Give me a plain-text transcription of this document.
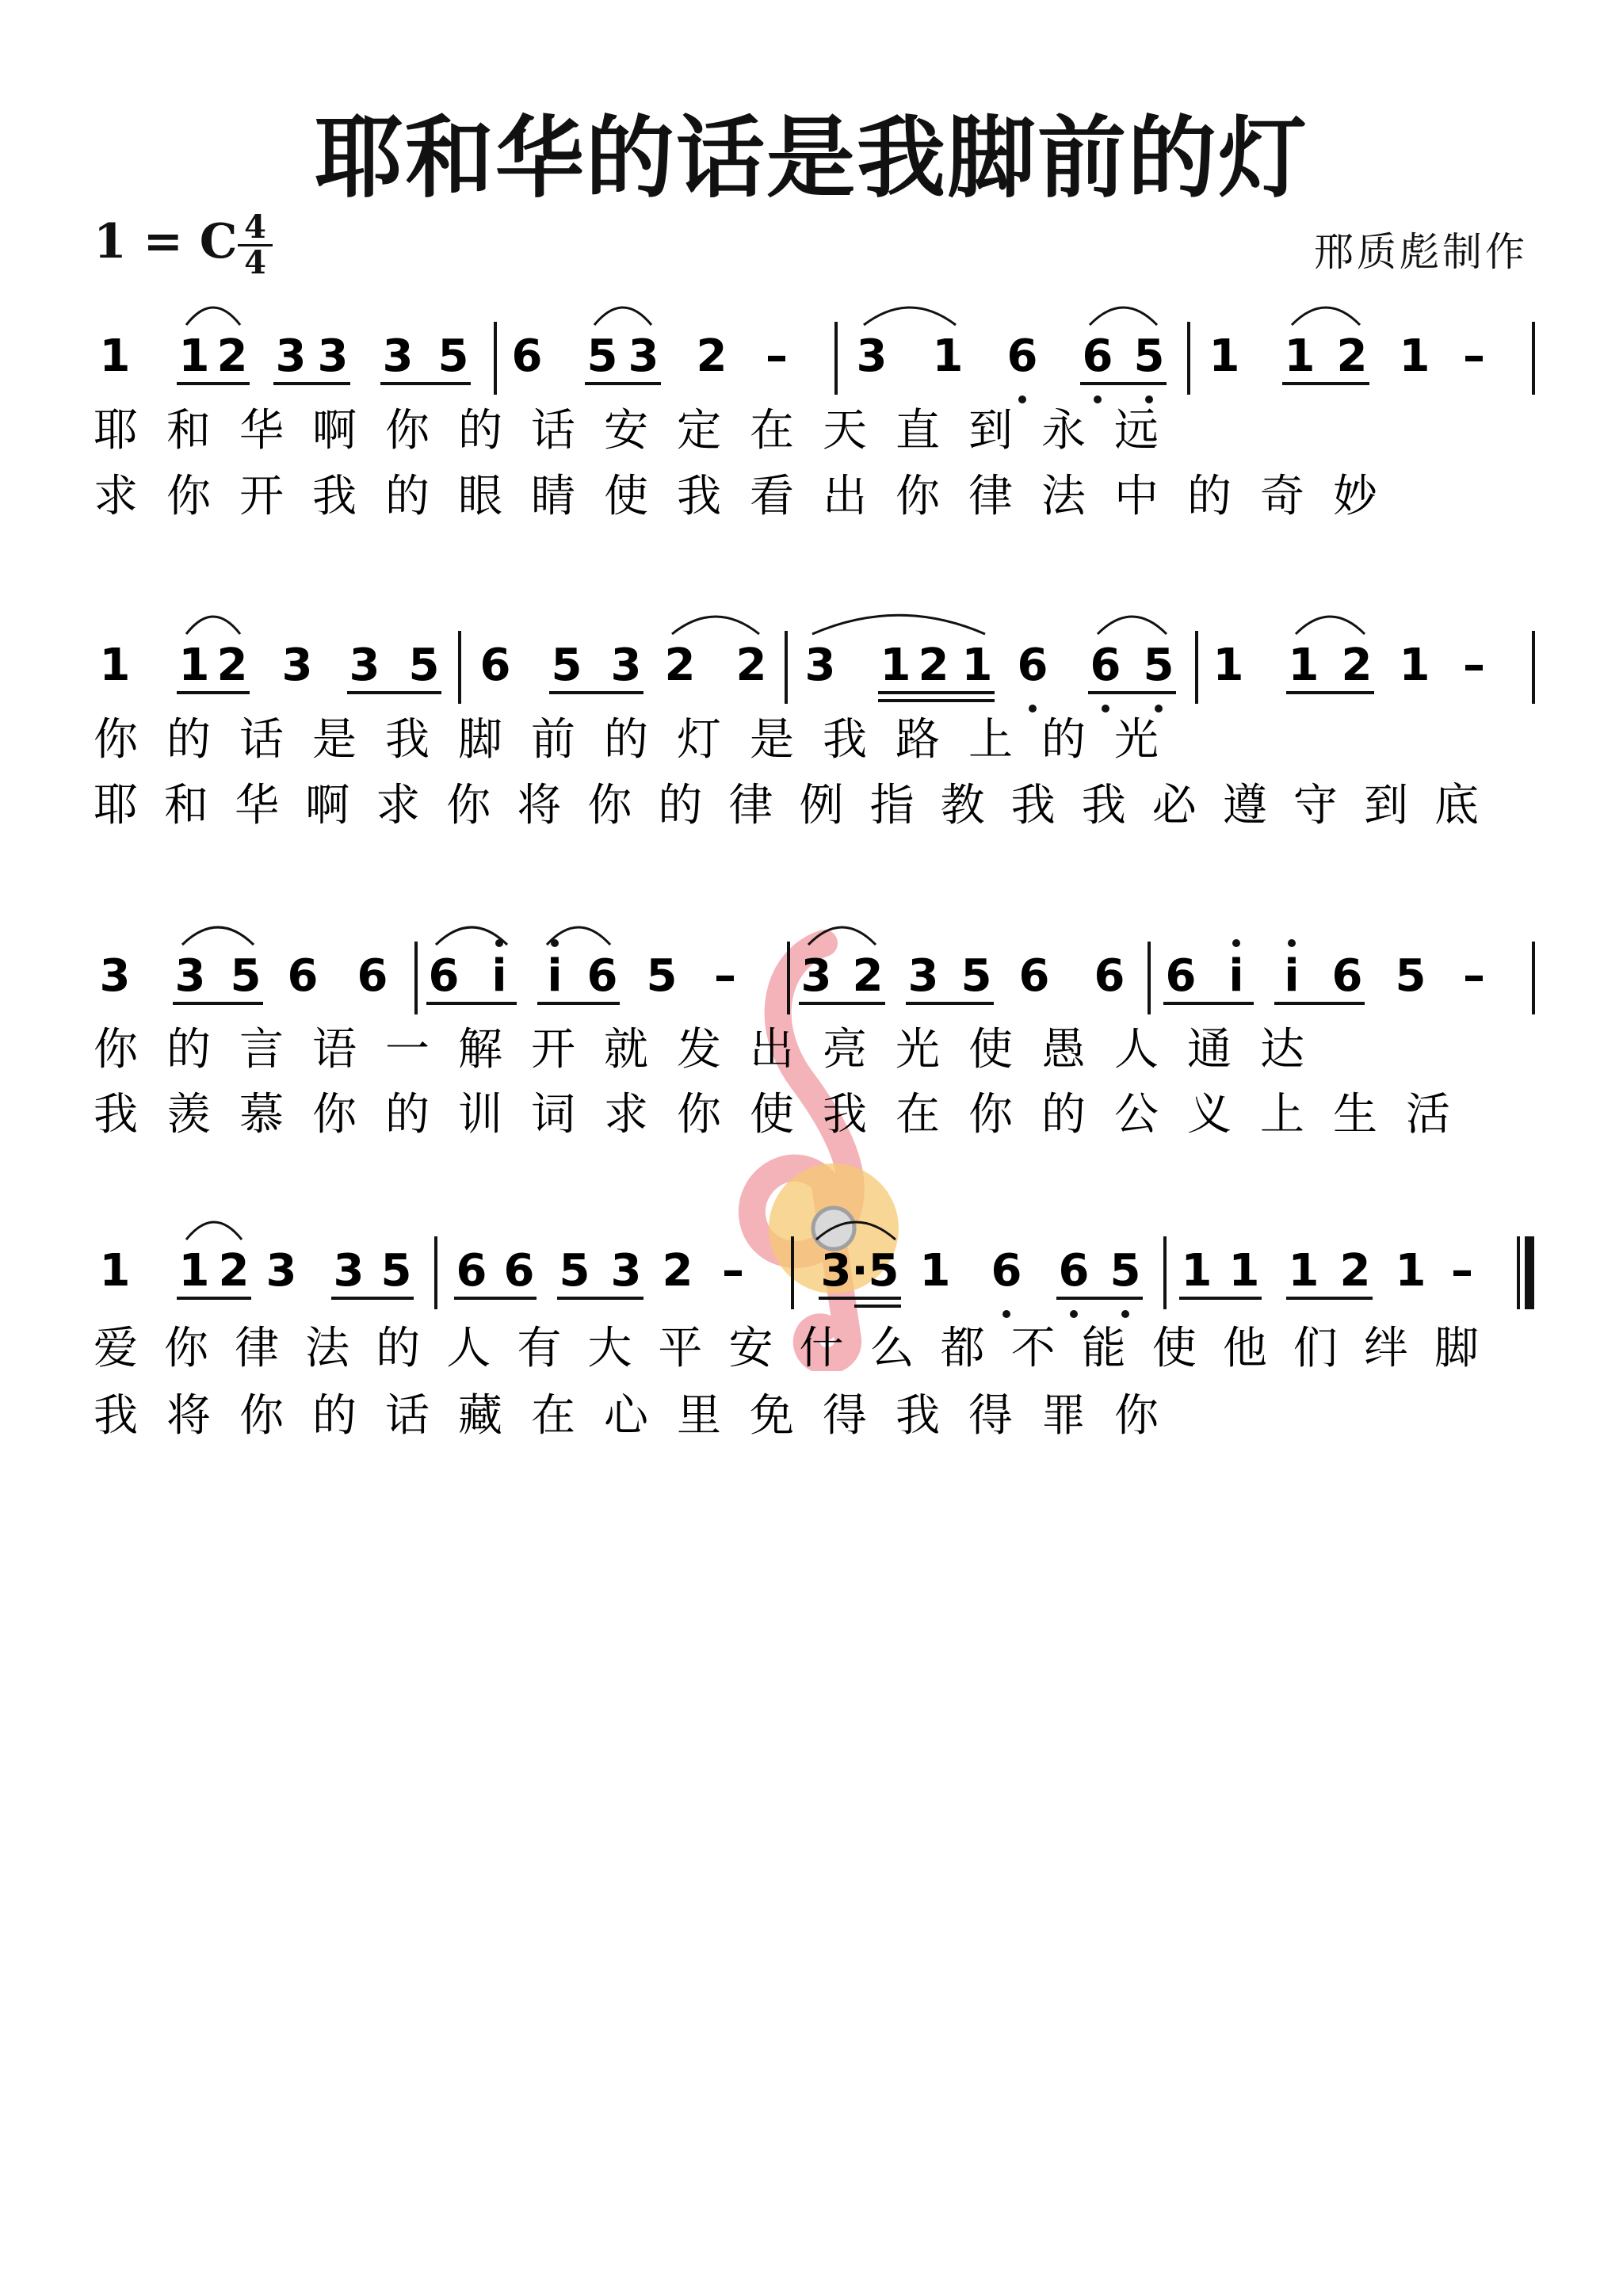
耶和华的话是我脚前的灯
1 = C 4
4	邢质彪制作
1 1 2 3 3 3 5 6 5 3 2 – 3 1 6 6 5 1 1 2 1 –
耶 和 华 啊 你 的 话 安 定 在 天 直 到 永 远
求 你 开 我 的 眼 睛 使 我 看 出 你 律 法 中 的 奇 妙
1 1 2 3 3 5 6 5 3 2 2 3 1 2 1 6 6 5 1 1 2 1 –
你 的 话 是 我 脚 前 的 灯 是 我 路 上 的 光
耶 和 华 啊 求 你 将 你 的 律 例 指 教 我 我 必 遵 守 到 底
3 3 5 6 6 6 i i 6 5 – 3 2 3 5 6 6 6 i i 6 5 –
你 的 言 语 一 解 开 就 发 出 亮 光 使 愚 人 通 达
我 羡 慕 你 的 训 词 求 你 使 我 在 你 的 公 义 上 生 活
1 1 2 3 3 5 6 6 5 3 2 – 3 · 5 1 6 6 5 1 1 1 2 1 –
爱 你 律 法 的 人 有 大 平 安 什 么 都 不 能 使 他 们 绊 脚
我 将 你 的 话 藏 在 心 里 免 得 我 得 罪 你
